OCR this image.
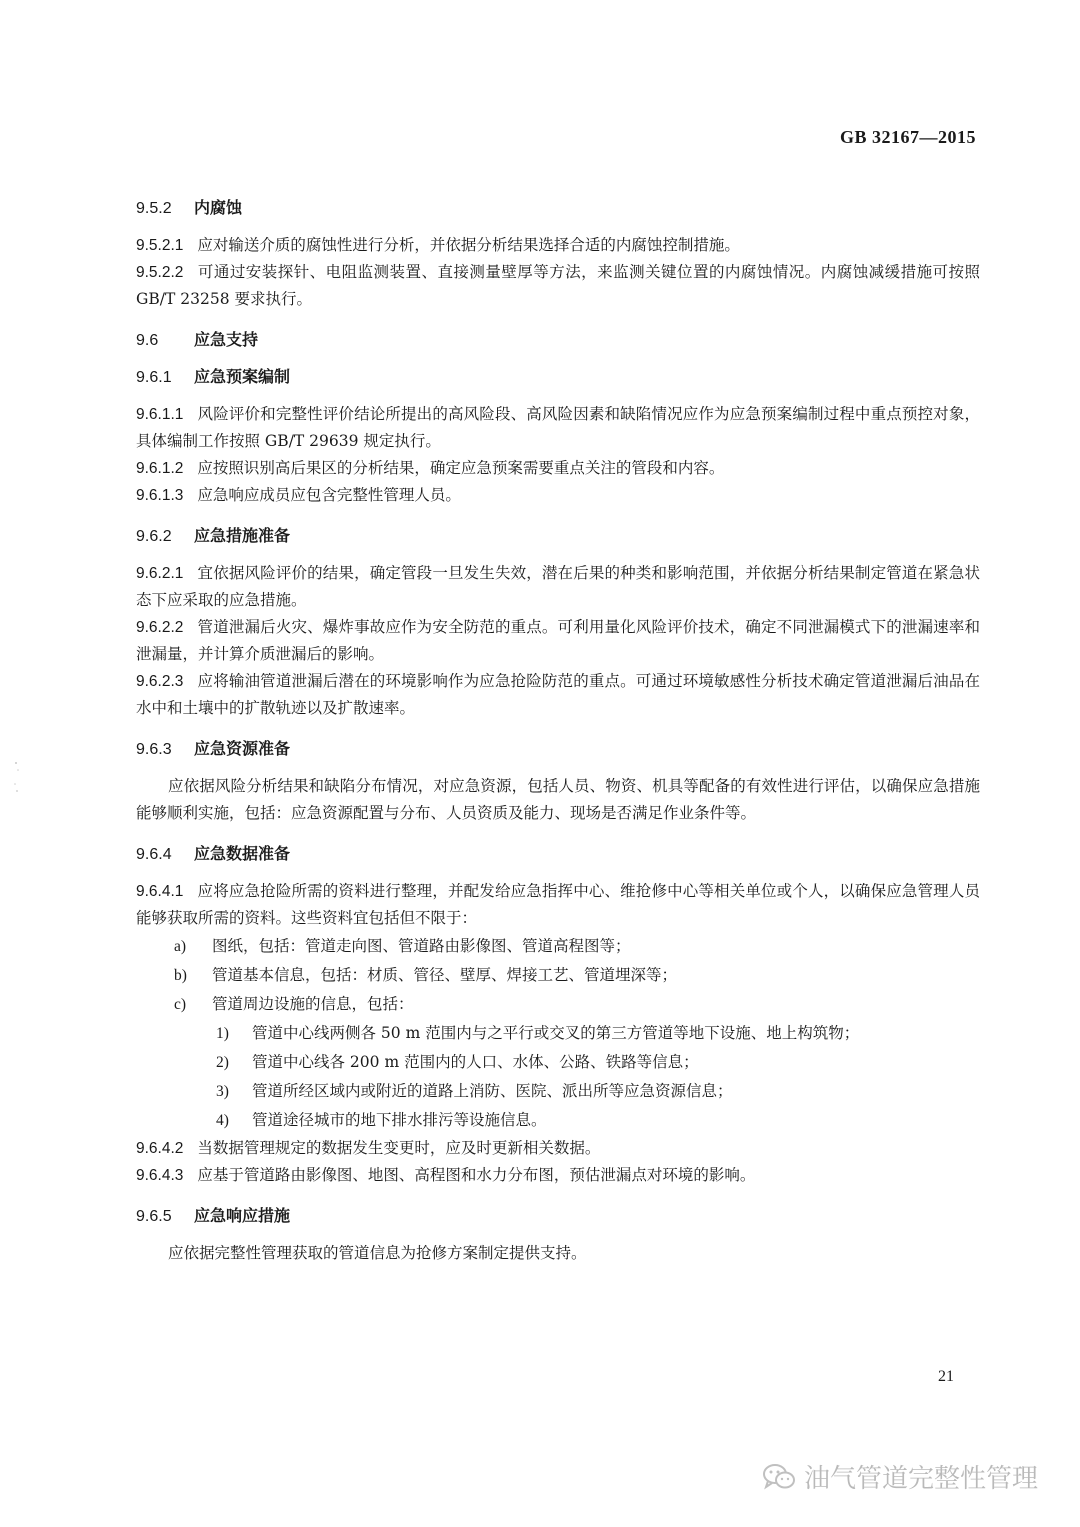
GB 32167—2015

9.5.2 内腐蚀

9.5.2.1 应对输送介质的腐蚀性进行分析，并依据分析结果选择合适的内腐蚀控制措施。

9.5.2.2 可通过安装探针、电阻监测装置、直接测量壁厚等方法，来监测关键位置的内腐蚀情况。内腐蚀减缓措施可按照 GB/T 23258 要求执行。

9.6 应急支持

9.6.1 应急预案编制

9.6.1.1 风险评价和完整性评价结论所提出的高风险段、高风险因素和缺陷情况应作为应急预案编制过程中重点预控对象，具体编制工作按照 GB/T 29639 规定执行。

9.6.1.2 应按照识别高后果区的分析结果，确定应急预案需要重点关注的管段和内容。

9.6.1.3 应急响应成员应包含完整性管理人员。

9.6.2 应急措施准备

9.6.2.1 宜依据风险评价的结果，确定管段一旦发生失效，潜在后果的种类和影响范围，并依据分析结果制定管道在紧急状态下应采取的应急措施。

9.6.2.2 管道泄漏后火灾、爆炸事故应作为安全防范的重点。可利用量化风险评价技术，确定不同泄漏模式下的泄漏速率和泄漏量，并计算介质泄漏后的影响。

9.6.2.3 应将输油管道泄漏后潜在的环境影响作为应急抢险防范的重点。可通过环境敏感性分析技术确定管道泄漏后油品在水中和土壤中的扩散轨迹以及扩散速率。

9.6.3 应急资源准备

应依据风险分析结果和缺陷分布情况，对应急资源，包括人员、物资、机具等配备的有效性进行评估，以确保应急措施能够顺利实施，包括：应急资源配置与分布、人员资质及能力、现场是否满足作业条件等。

9.6.4 应急数据准备

9.6.4.1 应将应急抢险所需的资料进行整理，并配发给应急指挥中心、维抢修中心等相关单位或个人，以确保应急管理人员能够获取所需的资料。这些资料宜包括但不限于：

a) 图纸，包括：管道走向图、管道路由影像图、管道高程图等；
b) 管道基本信息，包括：材质、管径、壁厚、焊接工艺、管道埋深等；
c) 管道周边设施的信息，包括：
1) 管道中心线两侧各 50 m 范围内与之平行或交叉的第三方管道等地下设施、地上构筑物；
2) 管道中心线各 200 m 范围内的人口、水体、公路、铁路等信息；
3) 管道所经区域内或附近的道路上消防、医院、派出所等应急资源信息；
4) 管道途径城市的地下排水排污等设施信息。

9.6.4.2 当数据管理规定的数据发生变更时，应及时更新相关数据。

9.6.4.3 应基于管道路由影像图、地图、高程图和水力分布图，预估泄漏点对环境的影响。

9.6.5 应急响应措施

应依据完整性管理获取的管道信息为抢修方案制定提供支持。

21
油气管道完整性管理
